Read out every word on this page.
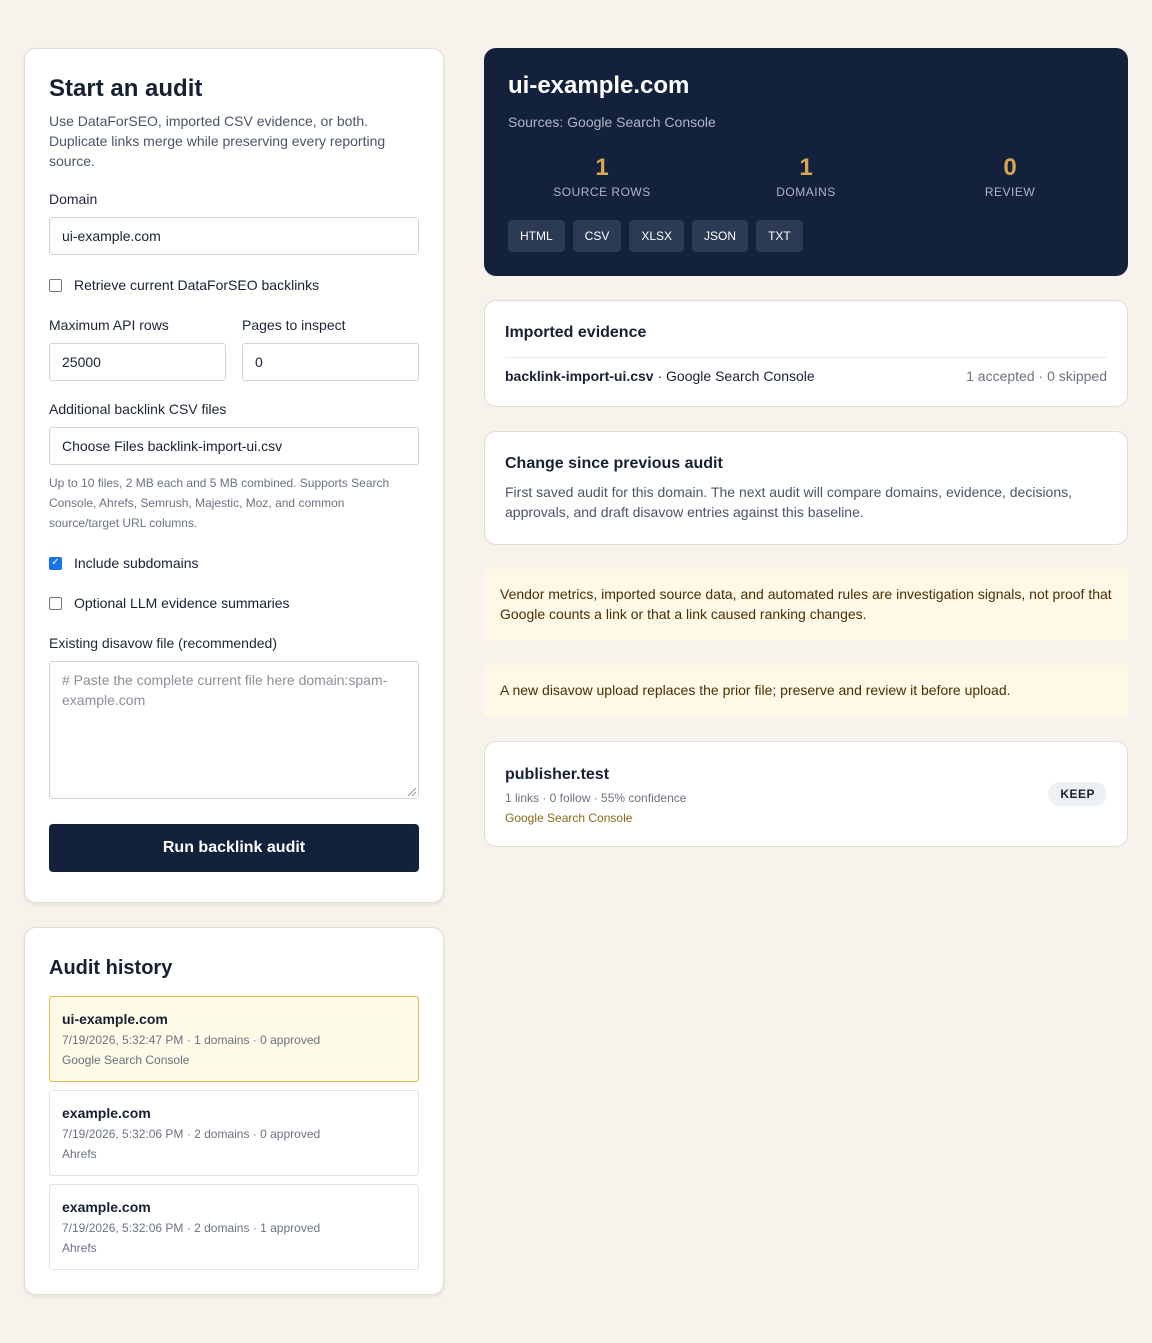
Start an audit

Use DataForSEO, imported CSV evidence, or both. Duplicate links merge while preserving every reporting source.

Domain
ui-example.com
Retrieve current DataForSEO backlinks
Maximum API rows
25000
Pages to inspect
0
Additional backlink CSV files
Choose Files backlink-import-ui.csv

Up to 10 files, 2 MB each and 5 MB combined. Supports Search Console, Ahrefs, Semrush, Majestic, Moz, and common source/target URL columns.

✓ Include subdomains
Optional LLM evidence summaries
Existing disavow file (recommended)
# Paste the complete current file here domain:spam-example.com
Run backlink audit
Audit history
ui-example.com
7/19/2026, 5:32:47 PM · 1 domains · 0 approved
Google Search Console
example.com
7/19/2026, 5:32:06 PM · 2 domains · 0 approved
Ahrefs
example.com
7/19/2026, 5:32:06 PM · 2 domains · 1 approved
Ahrefs
ui-example.com
Sources: Google Search Console
1
SOURCE ROWS
1
DOMAINS
0
REVIEW
HTML	CSV	XLSX	JSON	TXT
Imported evidence
backlink-import-ui.csv · Google Search Console	1 accepted · 0 skipped
Change since previous audit

First saved audit for this domain. The next audit will compare domains, evidence, decisions, approvals, and draft disavow entries against this baseline.

Vendor metrics, imported source data, and automated rules are investigation signals, not proof that Google counts a link or that a link caused ranking changes.
A new disavow upload replaces the prior file; preserve and review it before upload.
publisher.test
1 links · 0 follow · 55% confidence
Google Search Console
KEEP
